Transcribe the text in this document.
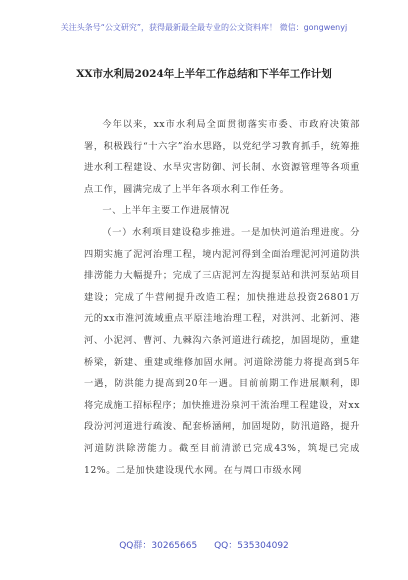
关注头条号“公文研究”，获得最新最全最专业的公文资料库！ 微信：gongwenyj
XX市水利局2024年上半年工作总结和下半年工作计划

今年以来，xx市水利局全面贯彻落实市委、市政府决策部署，积极践行“十六字”治水思路，以党纪学习教育抓手，统筹推进水利工程建设、水旱灾害防御、河长制、水资源管理等各项重点工作，圆满完成了上半年各项水利工作任务。

一、上半年主要工作进展情况

（一）水利项目建设稳步推进。一是加快河道治理进度。分四期实施了泥河治理工程，境内泥河得到全面治理泥河河道防洪排涝能力大幅提升；完成了三店泥河左沟提泵站和洪河泵站项目建设；完成了牛营闸提升改造工程；加快推进总投资26801万元的xx市淮河流域重点平原洼地治理工程，对洪河、北新河、港河、小泥河、曹河、九棘沟六条河道进行疏挖，加固堤防，重建桥梁，新建、重建或维修加固水闸。河道除涝能力将提高到5年一遇，防洪能力提高到20年一遇。目前前期工作进展顺利，即将完成施工招标程序；加快推进汾泉河干流治理工程建设，对xx段汾河河道进行疏浚、配套桥涵闸，加固堤防，防汛道路，提升河道防洪除涝能力。截至目前清淤已完成43%，筑堤已完成12%。二是加快建设现代水网。在与周口市级水网

QQ群：30265665 QQ：535304092
